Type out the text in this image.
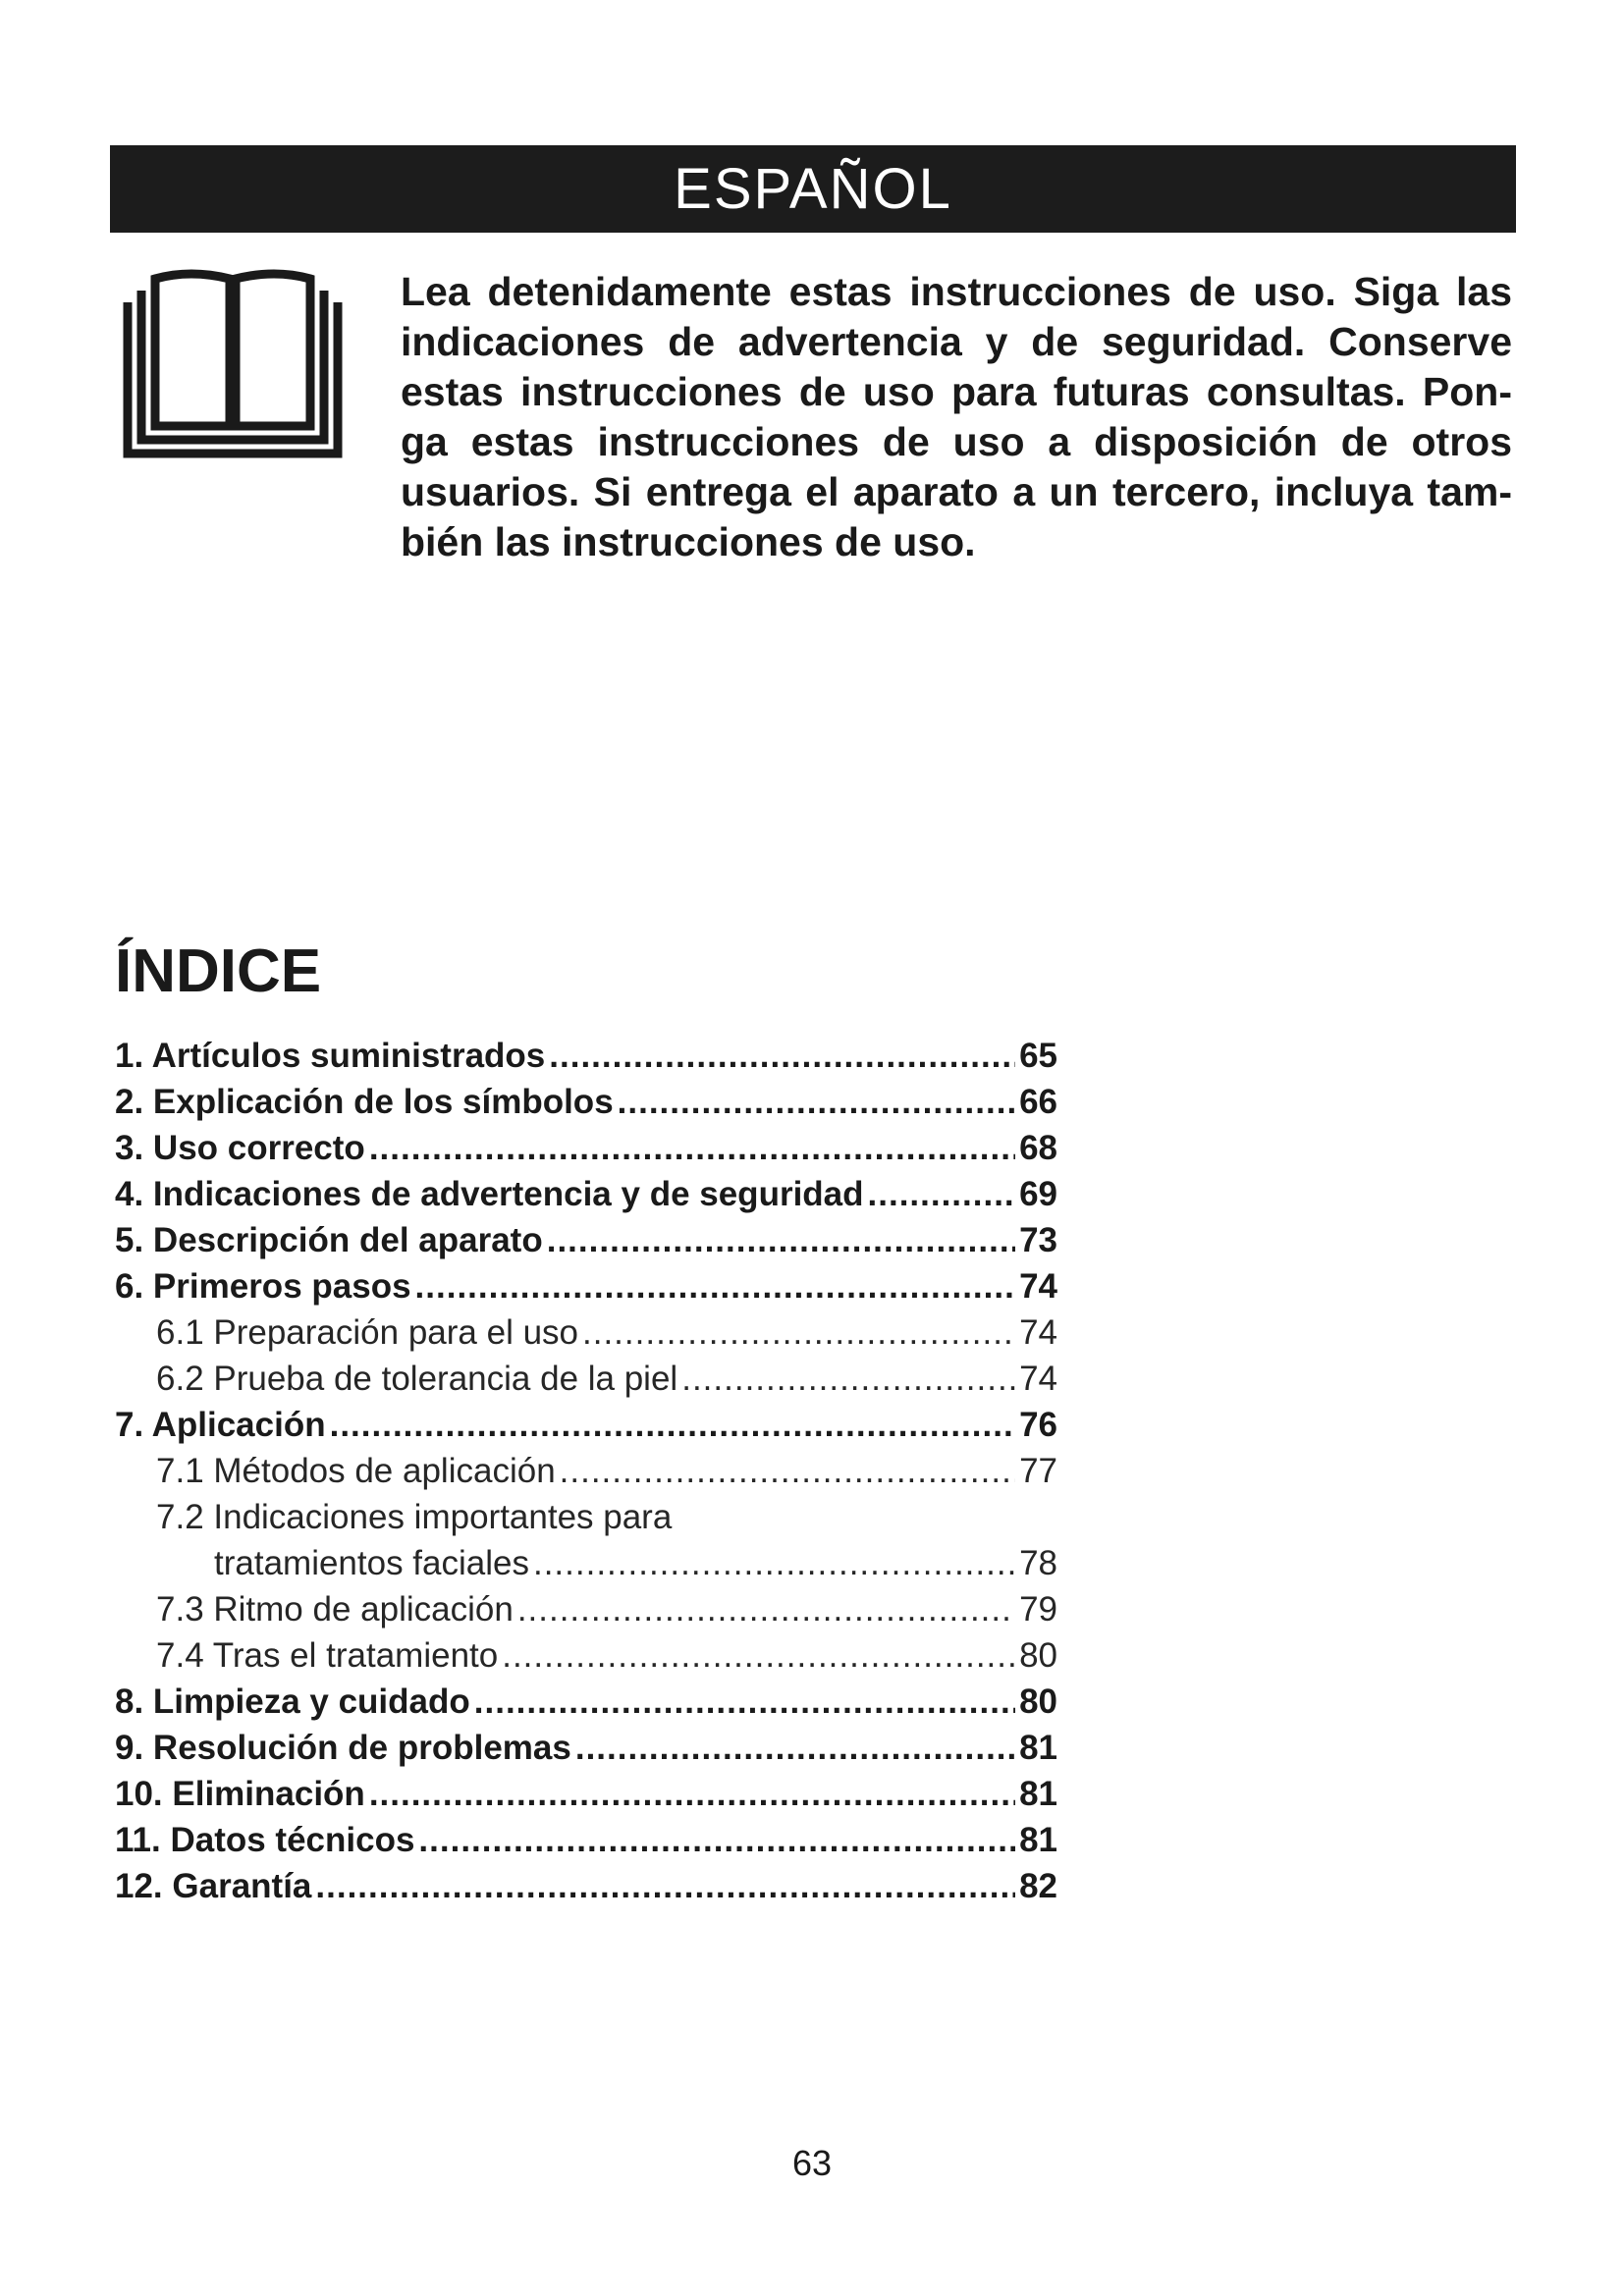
ESPAÑOL

Lea detenidamente estas instrucciones de uso. Siga las
indicaciones de advertencia y de seguridad. Conserve
estas instrucciones de uso para futuras consultas. Pon-
ga estas instrucciones de uso a disposición de otros
usuarios. Si entrega el aparato a un tercero, incluya tam-
bién las instrucciones de uso.

ÍNDICE
1. Artículos suministrados .....	65
2. Explicación de los símbolos .....	66
3. Uso correcto .....	68
4. Indicaciones de advertencia y de seguridad .....	69
5. Descripción del aparato .....	73
6. Primeros pasos .....	74
6.1 Preparación para el uso .....	74
6.2 Prueba de tolerancia de la piel .....	74
7. Aplicación .....	76
7.1 Métodos de aplicación .....	77
7.2 Indicaciones importantes para
tratamientos faciales .....	78
7.3 Ritmo de aplicación .....	79
7.4 Tras el tratamiento .....	80
8. Limpieza y cuidado .....	80
9. Resolución de problemas .....	81
10. Eliminación .....	81
11. Datos técnicos .....	81
12. Garantía .....	82
63
